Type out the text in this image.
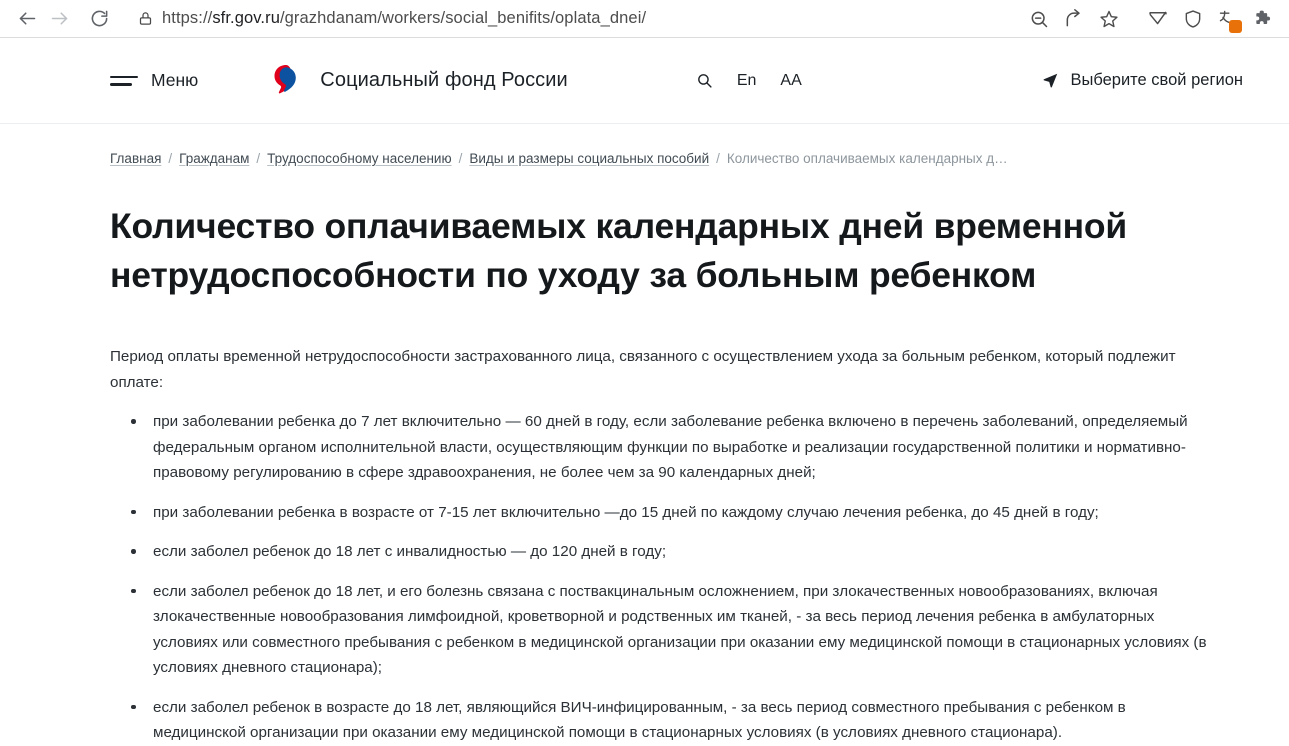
https://sfr.gov.ru/grazhdanam/workers/social_benifits/oplata_dnei/
Меню	Социальный фонд России	En AA	Выберите свой регион
Главная / Гражданам / Трудоспособному населению / Виды и размеры социальных пособий / Количество оплачиваемых календарных д…
Количество оплачиваемых календарных дней временной нетрудоспособности по уходу за больным ребенком

Период оплаты временной нетрудоспособности застрахованного лица, связанного с осуществлением ухода за больным ребенком, который подлежит оплате:

при заболевании ребенка до 7 лет включительно — 60 дней в году, если заболевание ребенка включено в перечень заболеваний, определяемый федеральным органом исполнительной власти, осуществляющим функции по выработке и реализации государственной политики и нормативно-правовому регулированию в сфере здравоохранения, не более чем за 90 календарных дней;
при заболевании ребенка в возрасте от 7-15 лет включительно —до 15 дней по каждому случаю лечения ребенка, до 45 дней в году;
если заболел ребенок до 18 лет с инвалидностью — до 120 дней в году;
если заболел ребенок до 18 лет, и его болезнь связана с поствакцинальным осложнением, при злокачественных новообразованиях, включая злокачественные новообразования лимфоидной, кроветворной и родственных им тканей, - за весь период лечения ребенка в амбулаторных условиях или совместного пребывания с ребенком в медицинской организации при оказании ему медицинской помощи в стационарных условиях (в условиях дневного стационара);
если заболел ребенок в возрасте до 18 лет, являющийся ВИЧ-инфицированным, - за весь период совместного пребывания с ребенком в медицинской организации при оказании ему медицинской помощи в стационарных условиях (в условиях дневного стационара).
